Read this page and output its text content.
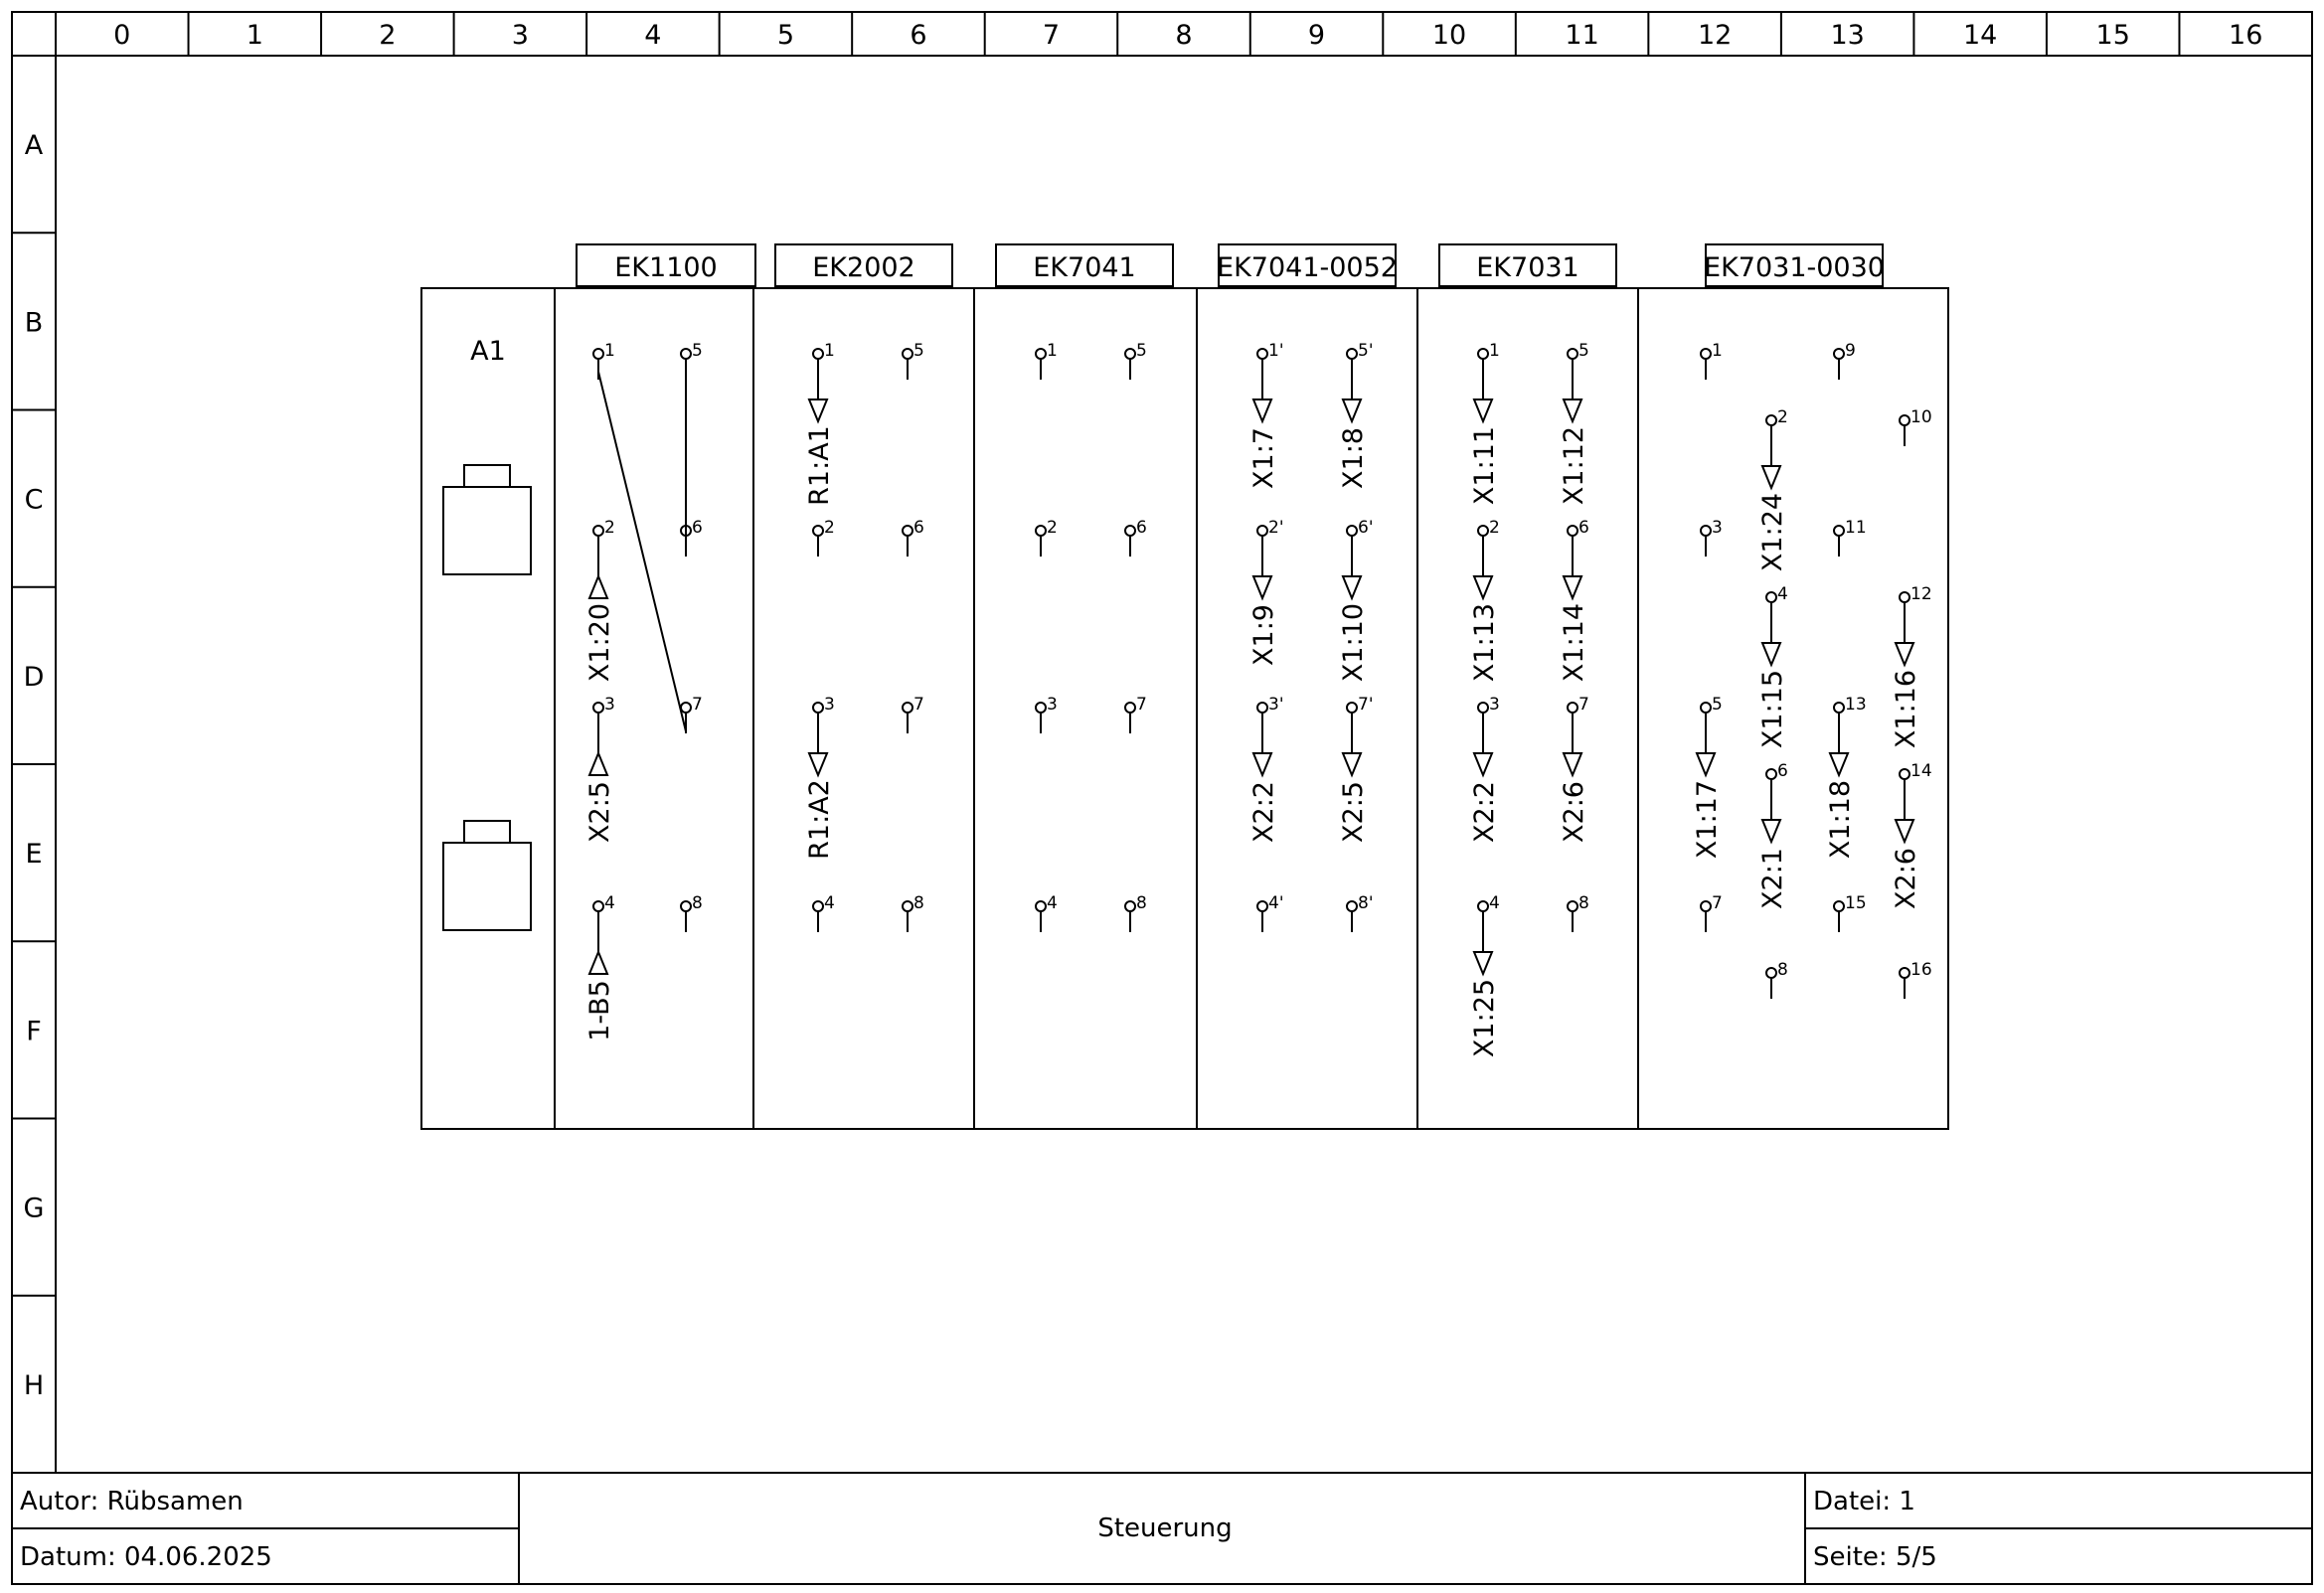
0	1	2	3	4	5	6	7	8	9	10	11	12	13	14	15	16
A
B
C
D
E
F
G
H
Autor: Rübsamen
Datum: 04.06.2025
Steuerung
Datei: 1
Seite: 5/5
A1
EK1100
1	5
2	6
3	7
4	8
X1:20
X2:5
1-B5
EK2002
1	5
2	6
3	7
4	8
R1:A1
R1:A2
EK7041
1	5
2	6
3	7
4	8
EK7041-0052
1'	5'
2'	6'
3'	7'
4'	8'
X1:7 X1:8
X1:9 X1:10
X2:2 X2:5
EK7031
1	5
2	6
3	7
4	8
X1:11 X1:12
X1:13 X1:14
X2:2 X2:6
X1:25
EK7031-0030
1	9
2	10
3	11
4	12
5	13
6	14
7	15
8	16
X1:24
X1:15	X1:16
X1:17	X1:18
X2:1	X2:6
